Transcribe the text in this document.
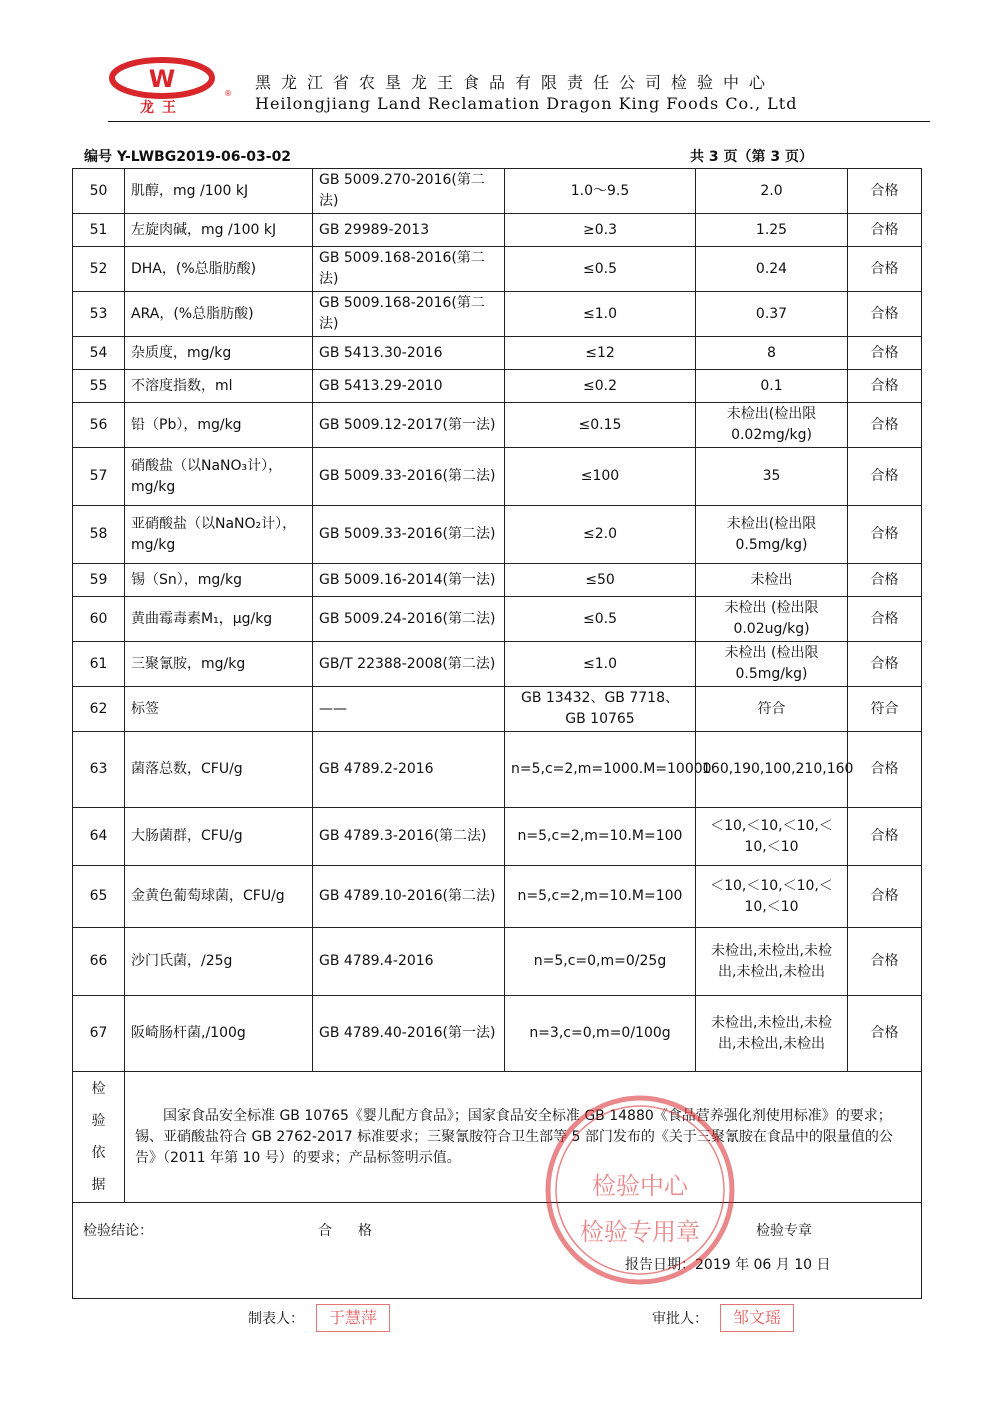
W
龙王
®
黑龙江省农垦龙王食品有限责任公司检验中心
Heilongjiang Land Reclamation Dragon King Foods Co., Ltd
编号 Y-LWBG2019-06-03-02	共 3 页（第 3 页）
50	肌醇，mg /100 kJ	GB 5009.270-2016(第二法)	1.0～9.5	2.0	合格
51	左旋肉碱，mg /100 kJ	GB 29989-2013	≥0.3	1.25	合格
52	DHA，(%总脂肪酸)	GB 5009.168-2016(第二法)	≤0.5	0.24	合格
53	ARA，(%总脂肪酸)	GB 5009.168-2016(第二法)	≤1.0	0.37	合格
54	杂质度，mg/kg	GB 5413.30-2016	≤12	8	合格
55	不溶度指数，ml	GB 5413.29-2010	≤0.2	0.1	合格
56	铅（Pb），mg/kg	GB 5009.12-2017(第一法)	≤0.15	未检出(检出限0.02mg/kg)	合格
57	硝酸盐（以NaNO₃计），mg/kg	GB 5009.33-2016(第二法)	≤100	35	合格
58	亚硝酸盐（以NaNO₂计），mg/kg	GB 5009.33-2016(第二法)	≤2.0	未检出(检出限0.5mg/kg)	合格
59	锡（Sn），mg/kg	GB 5009.16-2014(第一法)	≤50	未检出	合格
60	黄曲霉毒素M₁，μg/kg	GB 5009.24-2016(第二法)	≤0.5	未检出 (检出限0.02ug/kg)	合格
61	三聚氰胺，mg/kg	GB/T 22388-2008(第二法)	≤1.0	未检出 (检出限0.5mg/kg)	合格
62	标签	——	GB 13432、GB 7718、GB 10765	符合	符合
63	菌落总数，CFU/g	GB 4789.2-2016	n=5,c=2,m=1000.M=10000	160,190,100,210,160	合格
64	大肠菌群，CFU/g	GB 4789.3-2016(第二法)	n=5,c=2,m=10.M=100	＜10,＜10,＜10,＜10,＜10	合格
65	金黄色葡萄球菌，CFU/g	GB 4789.10-2016(第二法)	n=5,c=2,m=10.M=100	＜10,＜10,＜10,＜10,＜10	合格
66	沙门氏菌，/25g	GB 4789.4-2016	n=5,c=0,m=0/25g	未检出,未检出,未检出,未检出,未检出	合格
67	阪崎肠杆菌,/100g	GB 4789.40-2016(第一法)	n=3,c=0,m=0/100g	未检出,未检出,未检出,未检出,未检出	合格

检验依据	国家食品安全标准 GB 10765《婴儿配方食品》；国家食品安全标准 GB 14880《食品营养强化剂使用标准》的要求；锡、亚硝酸盐符合 GB 2762-2017 标准要求；三聚氰胺符合卫生部等 5 部门发布的《关于三聚氰胺在食品中的限量值的公告》（2011 年第 10 号）的要求；产品标签明示值。				

检验结论： 合格 检验专章
报告日期：2019 年 06 月 10 日					
检验中心
检验专用章
制表人：	于慧萍	审批人：	邹文瑶
